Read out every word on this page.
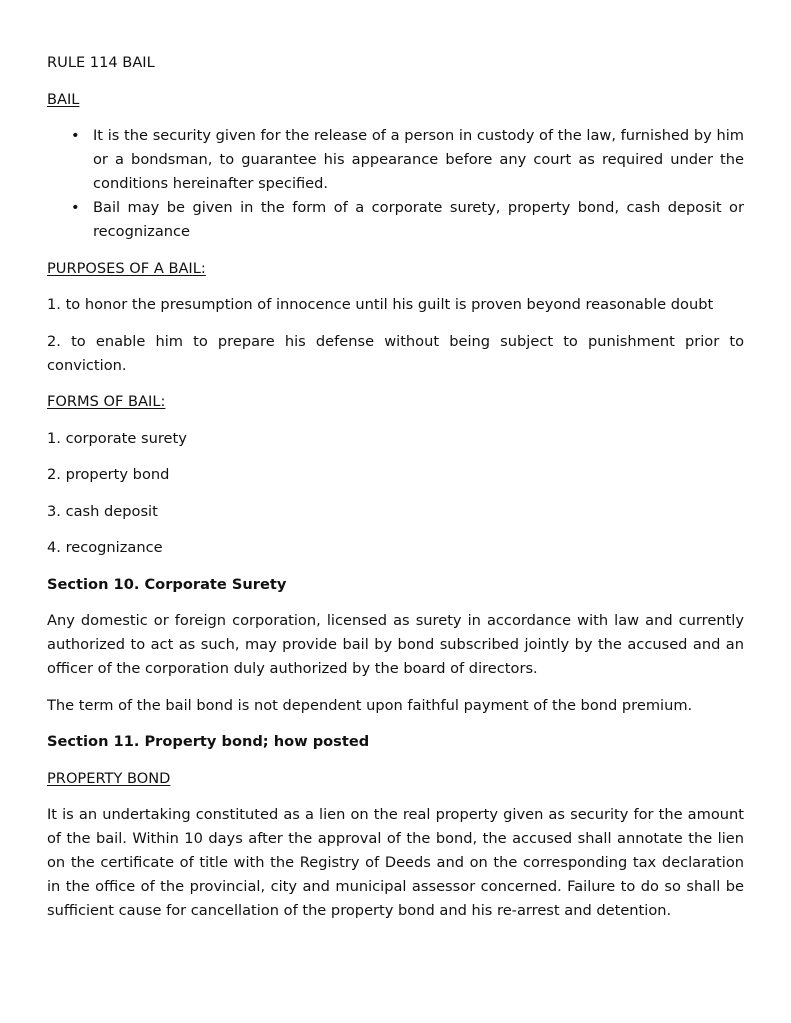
RULE 114 BAIL

BAIL

• It is the security given for the release of a person in custody of the law, furnished by him or a bondsman, to guarantee his appearance before any court as required under the conditions hereinafter specified.
• Bail may be given in the form of a corporate surety, property bond, cash deposit or recognizance

PURPOSES OF A BAIL:

1. to honor the presumption of innocence until his guilt is proven beyond reasonable doubt

2. to enable him to prepare his defense without being subject to punishment prior to conviction.

FORMS OF BAIL:

1. corporate surety

2. property bond

3. cash deposit

4. recognizance

Section 10. Corporate Surety

Any domestic or foreign corporation, licensed as surety in accordance with law and currently authorized to act as such, may provide bail by bond subscribed jointly by the accused and an officer of the corporation duly authorized by the board of directors.

The term of the bail bond is not dependent upon faithful payment of the bond premium.

Section 11. Property bond; how posted

PROPERTY BOND

It is an undertaking constituted as a lien on the real property given as security for the amount of the bail. Within 10 days after the approval of the bond, the accused shall annotate the lien on the certificate of title with the Registry of Deeds and on the corresponding tax declaration in the office of the provincial, city and municipal assessor concerned. Failure to do so shall be sufficient cause for cancellation of the property bond and his re-arrest and detention.
